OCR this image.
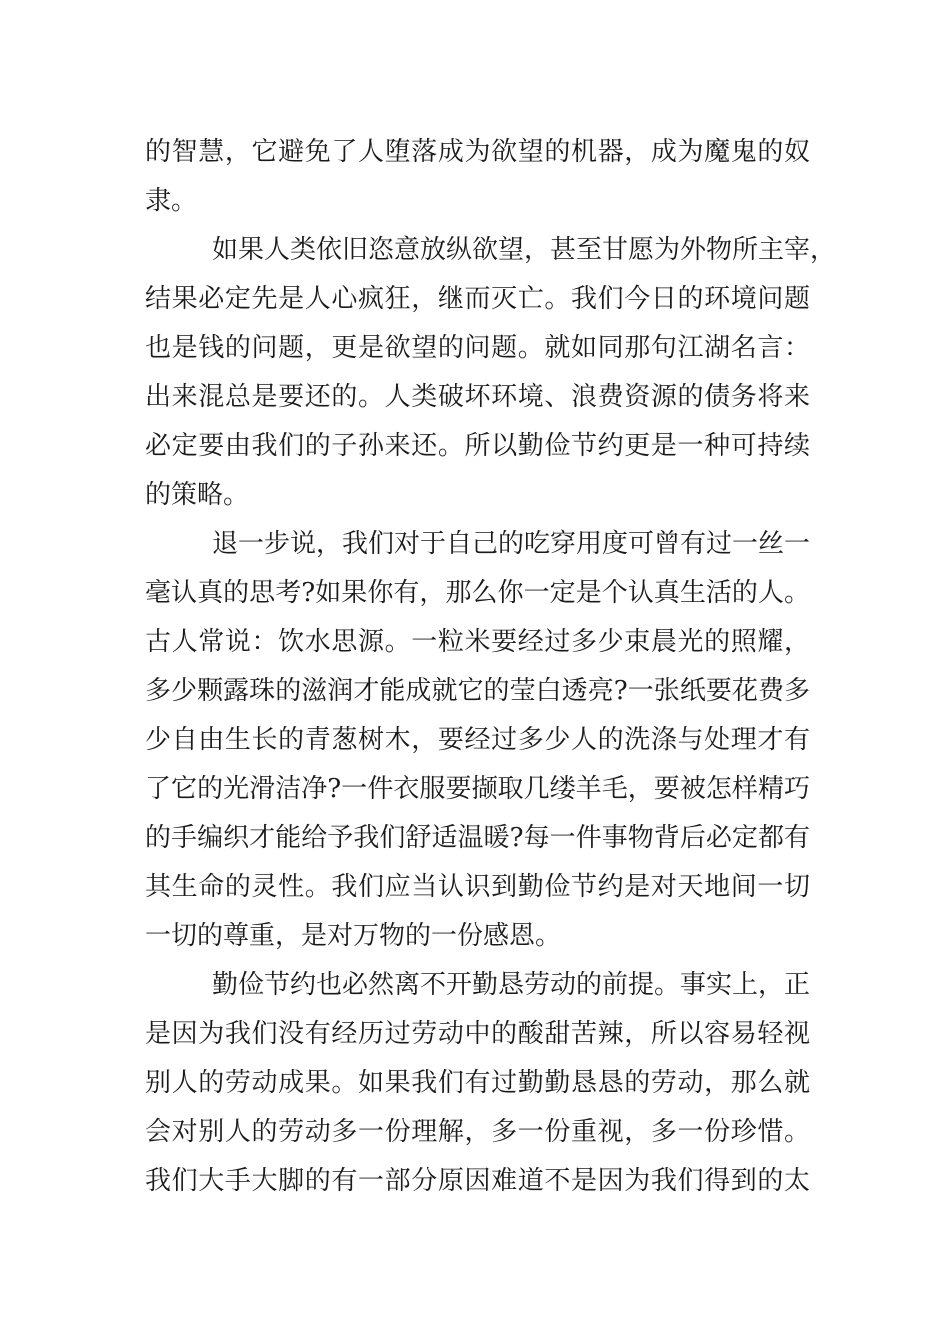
的智慧，它避免了人堕落成为欲望的机器，成为魔鬼的奴
隶。
如果人类依旧恣意放纵欲望，甚至甘愿为外物所主宰，
结果必定先是人心疯狂，继而灭亡。我们今日的环境问题
也是钱的问题，更是欲望的问题。就如同那句江湖名言：
出来混总是要还的。人类破坏环境、浪费资源的债务将来
必定要由我们的子孙来还。所以勤俭节约更是一种可持续
的策略。
退一步说，我们对于自己的吃穿用度可曾有过一丝一
毫认真的思考?如果你有，那么你一定是个认真生活的人。
古人常说：饮水思源。一粒米要经过多少束晨光的照耀，
多少颗露珠的滋润才能成就它的莹白透亮?一张纸要花费多
少自由生长的青葱树木，要经过多少人的洗涤与处理才有
了它的光滑洁净?一件衣服要撷取几缕羊毛，要被怎样精巧
的手编织才能给予我们舒适温暖?每一件事物背后必定都有
其生命的灵性。我们应当认识到勤俭节约是对天地间一切
一切的尊重，是对万物的一份感恩。
勤俭节约也必然离不开勤恳劳动的前提。事实上，正
是因为我们没有经历过劳动中的酸甜苦辣，所以容易轻视
别人的劳动成果。如果我们有过勤勤恳恳的劳动，那么就
会对别人的劳动多一份理解，多一份重视，多一份珍惜。
我们大手大脚的有一部分原因难道不是因为我们得到的太
